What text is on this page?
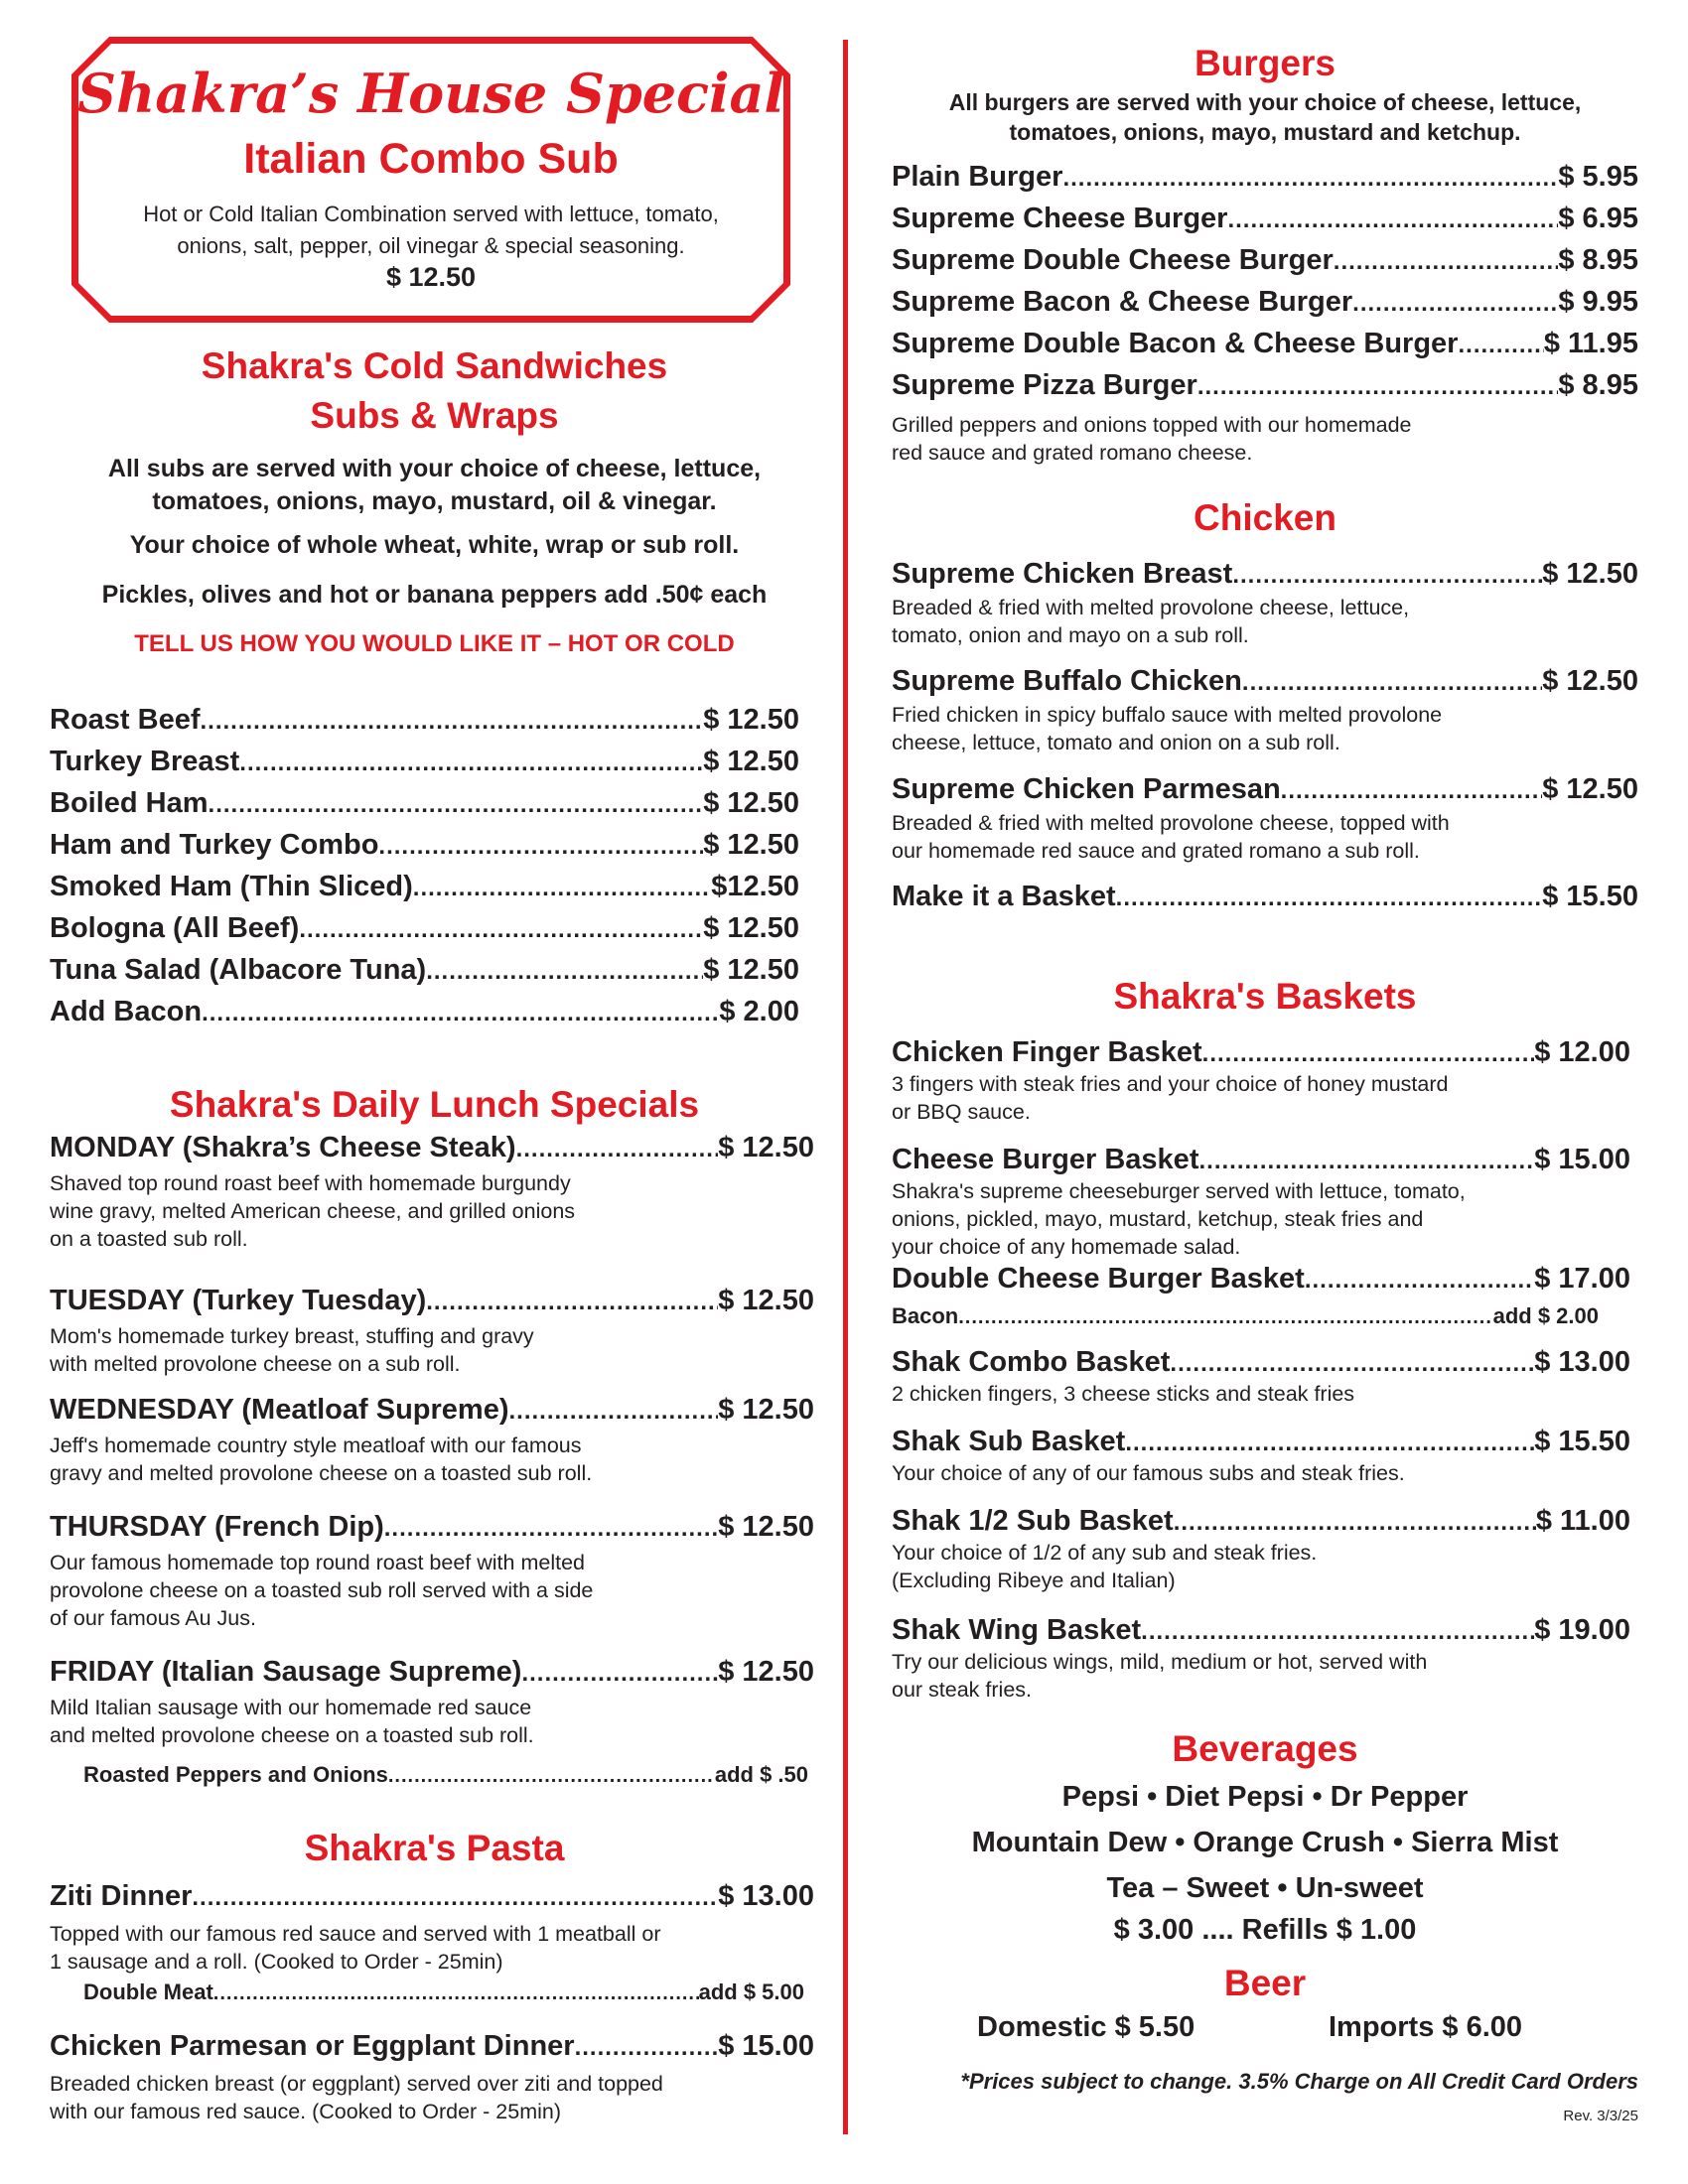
Shakra’s House Special
Italian Combo Sub
Hot or Cold Italian Combination served with lettuce, tomato, onions, salt, pepper, oil vinegar & special seasoning.
$ 12.50
Shakra's Cold Sandwiches
Subs & Wraps
All subs are served with your choice of cheese, lettuce, tomatoes, onions, mayo, mustard, oil & vinegar.
Your choice of whole wheat, white, wrap or sub roll.
Pickles, olives and hot or banana peppers add .50¢ each
TELL US HOW YOU WOULD LIKE IT – HOT OR COLD
Roast Beef .....	$ 12.50
Turkey Breast .....	$ 12.50
Boiled Ham .....	$ 12.50
Ham and Turkey Combo .....	$ 12.50
Smoked Ham (Thin Sliced) .....	$12.50
Bologna (All Beef) .....	$ 12.50
Tuna Salad (Albacore Tuna) .....	$ 12.50
Add Bacon .....	$ 2.00
Shakra's Daily Lunch Specials
MONDAY (Shakra’s Cheese Steak) .....	$ 12.50
Shaved top round roast beef with homemade burgundy
wine gravy, melted American cheese, and grilled onions
on a toasted sub roll.
TUESDAY (Turkey Tuesday) .....	$ 12.50
Mom's homemade turkey breast, stuffing and gravy
with melted provolone cheese on a sub roll.
WEDNESDAY (Meatloaf Supreme) .....	$ 12.50
Jeff's homemade country style meatloaf with our famous
gravy and melted provolone cheese on a toasted sub roll.
THURSDAY (French Dip) .....	$ 12.50
Our famous homemade top round roast beef with melted
provolone cheese on a toasted sub roll served with a side
of our famous Au Jus.
FRIDAY (Italian Sausage Supreme) .....	$ 12.50
Mild Italian sausage with our homemade red sauce
and melted provolone cheese on a toasted sub roll.
Roasted Peppers and Onions .....	add $ .50
Shakra's Pasta
Ziti Dinner .....	$ 13.00
Topped with our famous red sauce and served with 1 meatball or
1 sausage and a roll. (Cooked to Order - 25min)
Double Meat .....	add $ 5.00
Chicken Parmesan or Eggplant Dinner .....	$ 15.00
Breaded chicken breast (or eggplant) served over ziti and topped
with our famous red sauce. (Cooked to Order - 25min)
Burgers
All burgers are served with your choice of cheese, lettuce, tomatoes, onions, mayo, mustard and ketchup.
Plain Burger .....	$ 5.95
Supreme Cheese Burger .....	$ 6.95
Supreme Double Cheese Burger .....	$ 8.95
Supreme Bacon & Cheese Burger .....	$ 9.95
Supreme Double Bacon & Cheese Burger .....	$ 11.95
Supreme Pizza Burger .....	$ 8.95
Grilled peppers and onions topped with our homemade
red sauce and grated romano cheese.
Chicken
Supreme Chicken Breast .....	$ 12.50
Breaded & fried with melted provolone cheese, lettuce,
tomato, onion and mayo on a sub roll.
Supreme Buffalo Chicken .....	$ 12.50
Fried chicken in spicy buffalo sauce with melted provolone
cheese, lettuce, tomato and onion on a sub roll.
Supreme Chicken Parmesan .....	$ 12.50
Breaded & fried with melted provolone cheese, topped with
our homemade red sauce and grated romano a sub roll.
Make it a Basket .....	$ 15.50
Shakra's Baskets
Chicken Finger Basket .....	$ 12.00
3 fingers with steak fries and your choice of honey mustard
or BBQ sauce.
Cheese Burger Basket .....	$ 15.00
Shakra's supreme cheeseburger served with lettuce, tomato,
onions, pickled, mayo, mustard, ketchup, steak fries and
your choice of any homemade salad.
Double Cheese Burger Basket .....	$ 17.00
Shak Combo Basket .....	$ 13.00
2 chicken fingers, 3 cheese sticks and steak fries
Shak Sub Basket .....	$ 15.50
Your choice of any of our famous subs and steak fries.
Shak 1/2 Sub Basket .....	$ 11.00
Your choice of 1/2 of any sub and steak fries.
(Excluding Ribeye and Italian)
Shak Wing Basket .....	$ 19.00
Try our delicious wings, mild, medium or hot, served with
our steak fries.
Bacon .....	add $ 2.00
Beverages
Pepsi • Diet Pepsi • Dr Pepper
Mountain Dew • Orange Crush • Sierra Mist
Tea – Sweet • Un-sweet
$ 3.00 .... Refills $ 1.00
Beer
Domestic $ 5.50	Imports $ 6.00
*Prices subject to change. 3.5% Charge on All Credit Card Orders
Rev. 3/3/25
